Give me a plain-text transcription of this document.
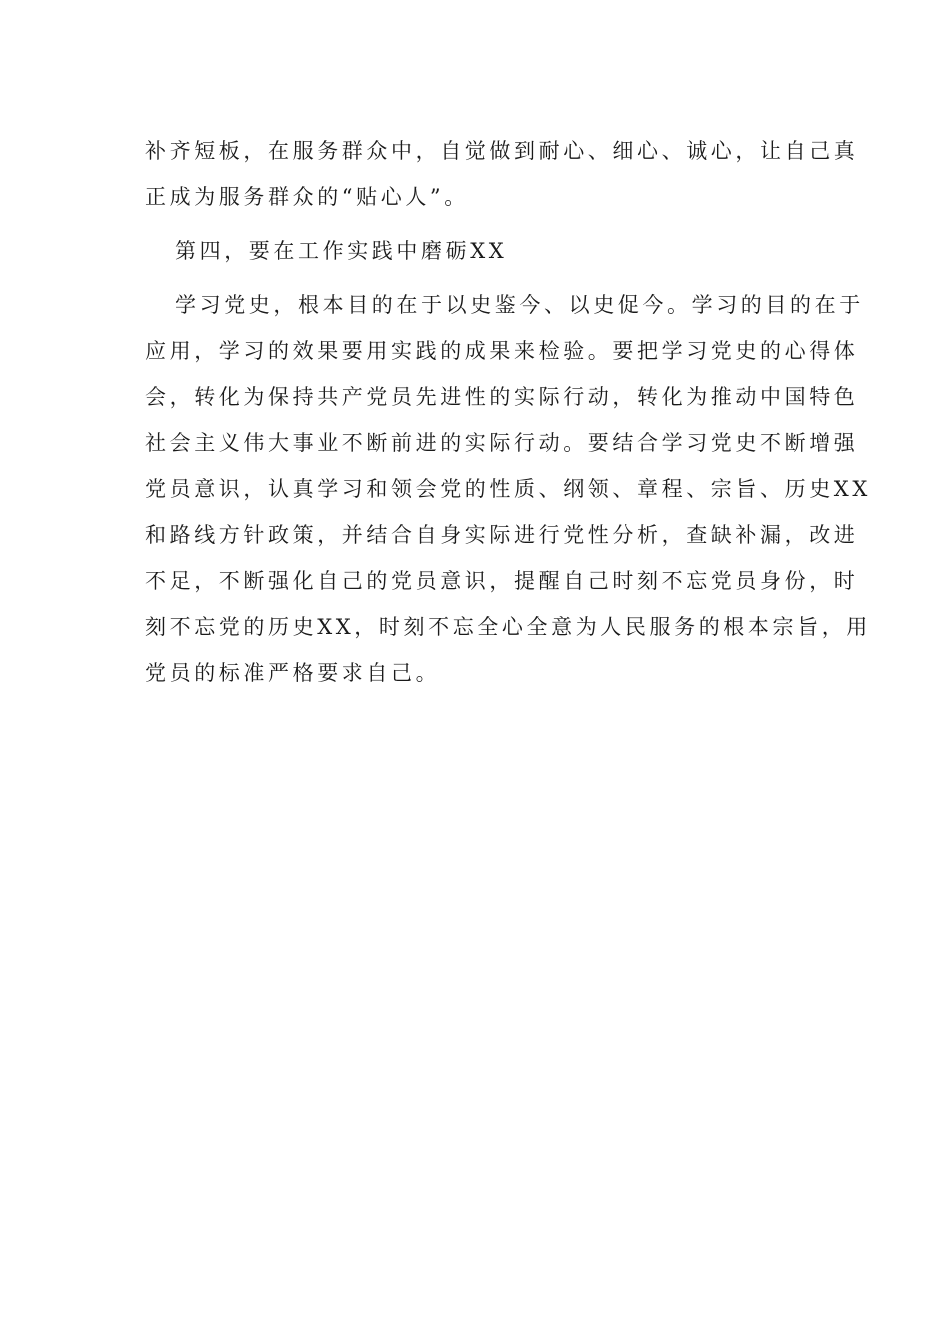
补齐短板，在服务群众中，自觉做到耐心、细心、诚心，让自己真
正成为服务群众的“贴心人”。
第四，要在工作实践中磨砺XX
学习党史，根本目的在于以史鉴今、以史促今。学习的目的在于
应用，学习的效果要用实践的成果来检验。要把学习党史的心得体
会，转化为保持共产党员先进性的实际行动，转化为推动中国特色
社会主义伟大事业不断前进的实际行动。要结合学习党史不断增强
党员意识，认真学习和领会党的性质、纲领、章程、宗旨、历史XX
和路线方针政策，并结合自身实际进行党性分析，查缺补漏，改进
不足，不断强化自己的党员意识，提醒自己时刻不忘党员身份，时
刻不忘党的历史XX，时刻不忘全心全意为人民服务的根本宗旨，用
党员的标准严格要求自己。
